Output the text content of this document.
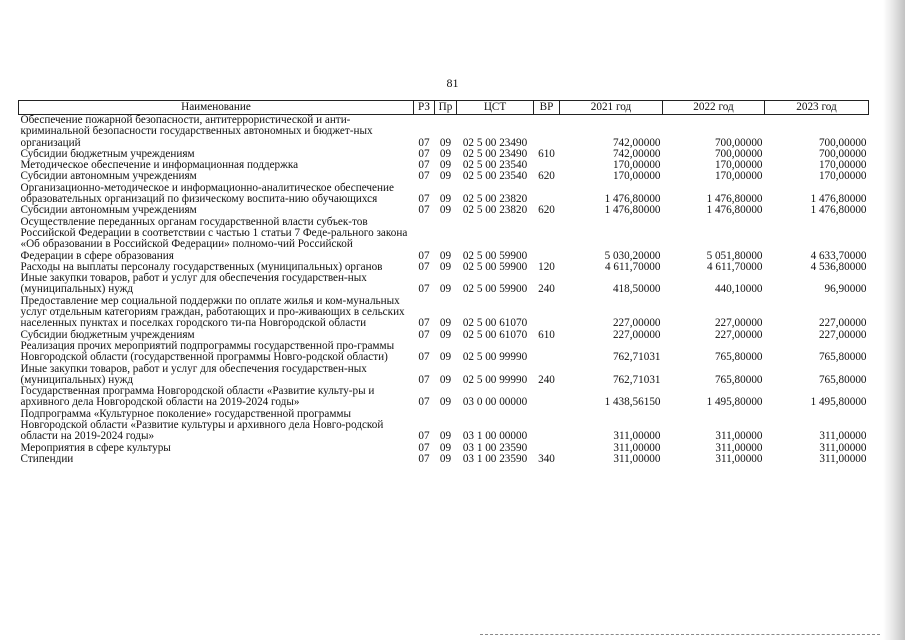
81
Наименование	РЗ	Пр	ЦСТ	ВР	2021 год	2022 год	2023 год
Обеспечение пожарной безопасности, антитеррористической и анти-криминальной безопасности государственных автономных и бюджет-ных организаций	07	09	02 5 00 23490		742,00000	700,00000	700,00000
Субсидии бюджетным учреждениям	07	09	02 5 00 23490	610	742,00000	700,00000	700,00000
Методическое обеспечение и информационная поддержка	07	09	02 5 00 23540		170,00000	170,00000	170,00000
Субсидии автономным учреждениям	07	09	02 5 00 23540	620	170,00000	170,00000	170,00000
Организационно-методическое и информационно-аналитическое обеспечение образовательных организаций по физическому воспита-нию обучающихся	07	09	02 5 00 23820		1 476,80000	1 476,80000	1 476,80000
Субсидии автономным учреждениям	07	09	02 5 00 23820	620	1 476,80000	1 476,80000	1 476,80000
Осуществление переданных органам государственной власти субъек-тов Российской Федерации в соответствии с частью 1 статьи 7 Феде-рального закона «Об образовании в Российской Федерации» полномо-чий Российской Федерации в сфере образования	07	09	02 5 00 59900		5 030,20000	5 051,80000	4 633,70000
Расходы на выплаты персоналу государственных (муниципальных) органов	07	09	02 5 00 59900	120	4 611,70000	4 611,70000	4 536,80000
Иные закупки товаров, работ и услуг для обеспечения государствен-ных (муниципальных) нужд	07	09	02 5 00 59900	240	418,50000	440,10000	96,90000
Предоставление мер социальной поддержки по оплате жилья и ком-мунальных услуг отдельным категориям граждан, работающих и про-живающих в сельских населенных пунктах и поселках городского ти-па Новгородской области	07	09	02 5 00 61070		227,00000	227,00000	227,00000
Субсидии бюджетным учреждениям	07	09	02 5 00 61070	610	227,00000	227,00000	227,00000
Реализация прочих мероприятий подпрограммы государственной про-граммы Новгородской области (государственной программы Новго-родской области)	07	09	02 5 00 99990		762,71031	765,80000	765,80000
Иные закупки товаров, работ и услуг для обеспечения государствен-ных (муниципальных) нужд	07	09	02 5 00 99990	240	762,71031	765,80000	765,80000
Государственная программа Новгородской области «Развитие культу-ры и архивного дела Новгородской области на 2019-2024 годы»	07	09	03 0 00 00000		1 438,56150	1 495,80000	1 495,80000
Подпрограмма «Культурное поколение» государственной программы Новгородской области «Развитие культуры и архивного дела Новго-родской области на 2019-2024 годы»	07	09	03 1 00 00000		311,00000	311,00000	311,00000
Мероприятия в сфере культуры	07	09	03 1 00 23590		311,00000	311,00000	311,00000
Стипендии	07	09	03 1 00 23590	340	311,00000	311,00000	311,00000
